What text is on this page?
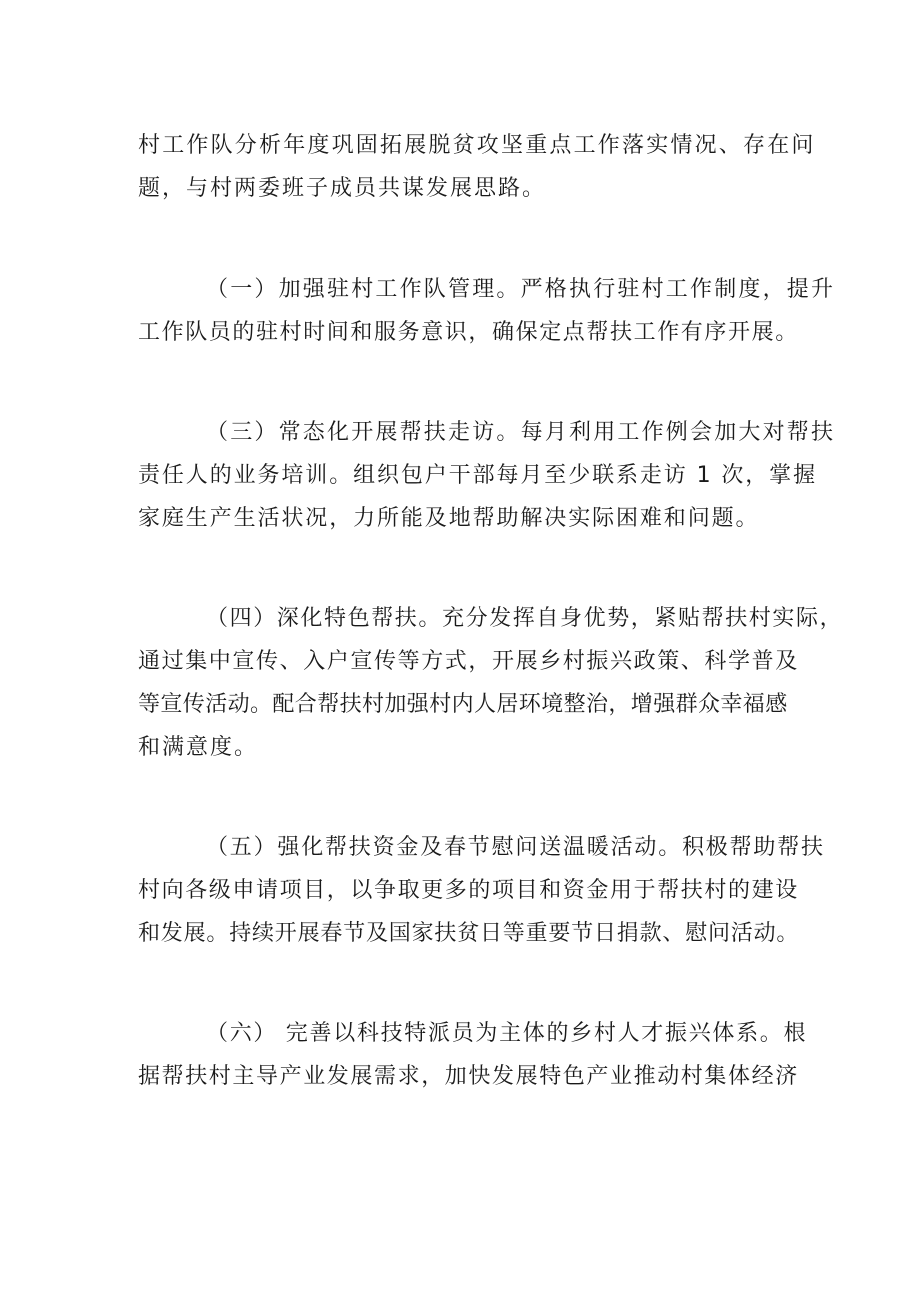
村工作队分析年度巩固拓展脱贫攻坚重点工作落实情况、存在问
题，与村两委班子成员共谋发展思路。
（一）加强驻村工作队管理。严格执行驻村工作制度，提升
工作队员的驻村时间和服务意识，确保定点帮扶工作有序开展。
（三）常态化开展帮扶走访。每月利用工作例会加大对帮扶
责任人的业务培训。组织包户干部每月至少联系走访 1 次，掌握
家庭生产生活状况，力所能及地帮助解决实际困难和问题。
（四）深化特色帮扶。充分发挥自身优势，紧贴帮扶村实际，
通过集中宣传、入户宣传等方式，开展乡村振兴政策、科学普及
等宣传活动。配合帮扶村加强村内人居环境整治，增强群众幸福感
和满意度。
（五）强化帮扶资金及春节慰问送温暖活动。积极帮助帮扶
村向各级申请项目，以争取更多的项目和资金用于帮扶村的建设
和发展。持续开展春节及国家扶贫日等重要节日捐款、慰问活动。
（六） 完善以科技特派员为主体的乡村人才振兴体系。根
据帮扶村主导产业发展需求，加快发展特色产业推动村集体经济
